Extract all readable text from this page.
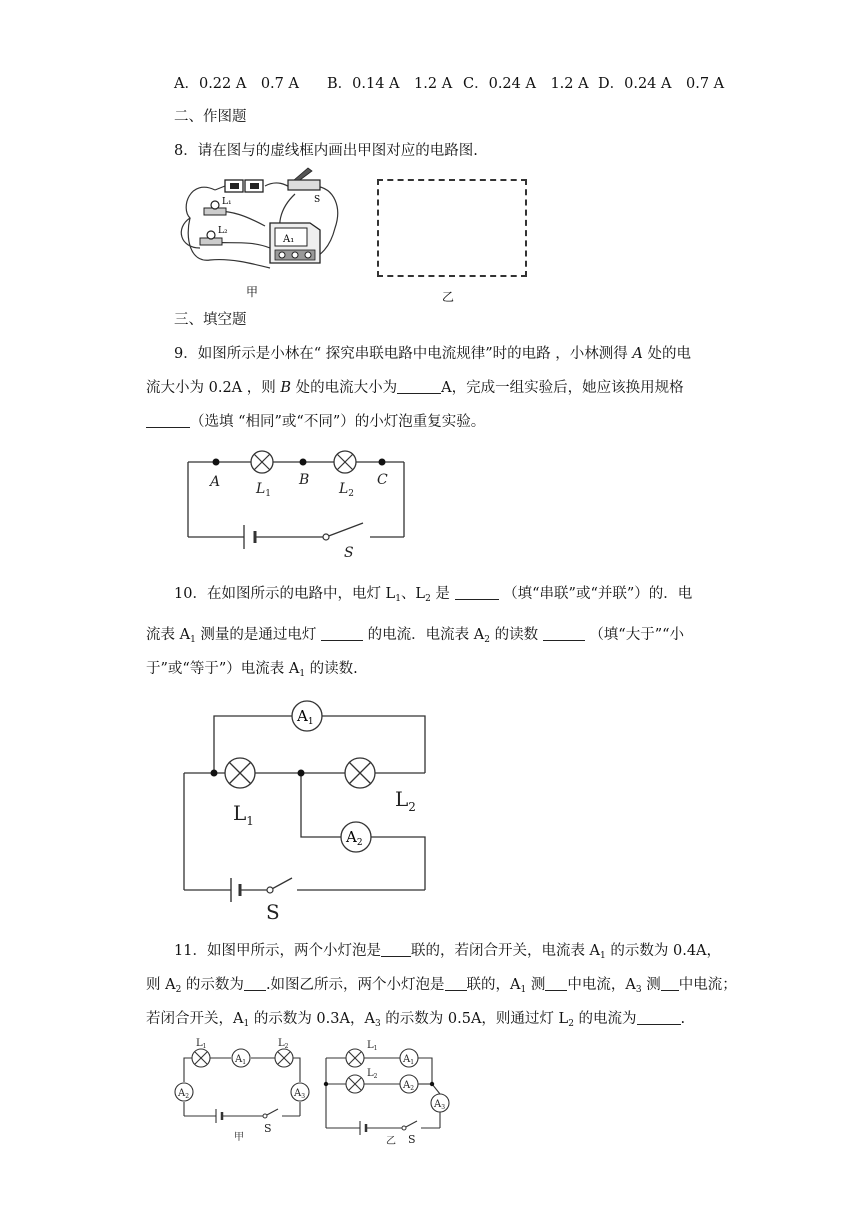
A．0.22 A　0.7 A B．0.14 A　1.2 A C．0.24 A　1.2 A D．0.24 A　0.7 A
二、作图题
8．请在图与的虚线框内画出甲图对应的电路图.
S
L₁
L₂
A₁
甲	乙
三、填空题
9．如图所示是小林在“ 探究串联电路中电流规律”时的电路 ，小林测得 A 处的电
流大小为 0.2A ，则 B 处的电流大小为	A，完成一组实验后，她应该换用规格
（选填 “相同”或“不同”）的小灯泡重复实验。
A	B	C
$L_1$	$L_2$
S
10．在如图所示的电路中，电灯 $L_1$、$L_2$ 是	（填“串联”或“并联”）的．电
流表 $A_1$ 测量的是通过电灯	的电流．电流表 $A_2$ 的读数	（填“大于”“小
于”或“等于”）电流表 $A_1$ 的读数.
$A_1$
$A_2$
$L_1$
$L_2$
S
11．如图甲所示，两个小灯泡是 联的，若闭合开关，电流表 $A_1$ 的示数为 0.4A，
则 $A_2$ 的示数为 .如图乙所示，两个小灯泡是 联的，$A_1$ 测 中电流，$A_3$ 测 中电流；
若闭合开关，$A_1$ 的示数为 0.3A，$A_3$ 的示数为 0.5A，则通过灯 $L_2$ 的电流为	.
$L_1$	$L_2$
$A_1$
$A_2$	$A_3$
S
甲
$L_1$
$L_2$
$A_1$
$A_2$
$A_3$
S
乙
